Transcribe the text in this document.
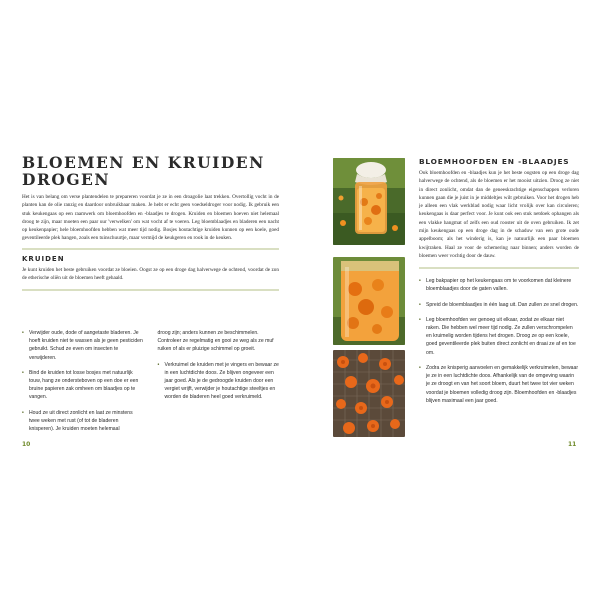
BLOEMEN EN KRUIDEN DROGEN

Het is van belang om verse plantendelen te prepareren voordat je ze in een droagolie laat trekken. Overtollig vocht in de planten kan de olie ranzig en daardoor onbruikbaar maken. Je hebt er echt geen voedseldroger voor nodig. Ik gebruik een stuk keukengaas op een raamwerk om bloemhoofden en -blaadjes te drogen. Kruiden en bloemen hoeven niet helemaal droog te zijn, maar moeten een paar uur 'verwelken' om wat vocht af te voeren. Leg bloemblaadjes en bladeren een nacht op keukenpapier; hele bloemhoofden hebben wat meer tijd nodig. Bosjes houtachtige kruiden kunnen op een koele, goed geventileerde plek hangen, zoals een tuinschuurtje, maar vermijd de keukgeren en rook in de keuken.

KRUIDEN

Je kunt kruiden het beste gebruiken voordat ze bloeien. Oogst ze op een droge dag halverwege de ochtend, voordat de zon de etherische oliën uit de bloemen heeft gehaald.

• Verwijder oude, dode of aangetaste bladeren. Je hoeft kruiden niet te wassen als je geen pesticiden gebruikt. Schud ze even om insecten te verwijderen.
• Bind de kruiden tot losse bosjes met natuurlijk touw, hang ze ondersteboven op een doe er een bruine papieren zak omheen om blaadjes op te vangen.
• Houd ze uit direct zonlicht en laat ze minstens twee weken met rust (of tot de bladeren knisperen). Je kruiden moeten helemaal

droog zijn; anders kunnen ze beschimmelen. Controleer ze regelmatig en gooi ze weg als ze muf ruiken of als er pluizige schimmel op groeit.

• Verkruimel de kruiden met je vingers en bewaar ze in een luchtdichte doos. Ze blijven ongeveer een jaar goed. Als je de gedroogde kruiden door een vergiet wrijft, verwijder je houtachtige steeltjes en worden de bladeren heel goed verkruimeld.
10
BLOEMHOOFDEN EN -BLAADJES

Ook bloemhoofden en -blaadjes kun je het beste oogsten op een droge dag halverwege de ochtend, als de bloemen er het mooist uitzien. Droog ze niet in direct zonlicht, omdat dan de geneeskrachtige eigenschappen verloren kunnen gaan die je juist in je middeltjes wilt gebruiken. Voor het drogen heb je alleen een vlak werkblad nodig waar licht vrolijk over kan circuleren; keukengaas is daar perfect voor. Je kunt ook een stuk netdoek ophangen als een vlakke hangmat of zelfs een oud rooster uit de oven gebruiken. Ik zet mijn keukengaas op een droge dag in de schaduw van een grote oude appelboom; als het winderig is, kan je natuurlijk een paar bloemen kwijtraken. Haal ze voor de schemering naar binnen; anders worden de bloemen weer vochtig door de dauw.

• Leg bakpapier op het keukengaas om te voorkomen dat kleinere bloemblaadjes door de gaten vallen.
• Spreid de bloemblaadjes in één laag uit. Dan zullen ze snel drogen.
• Leg bloemhoofden ver genoeg uit elkaar, zodat ze elkaar niet raken. Die hebben wel meer tijd nodig. Ze zullen verschrompelen en kruimelig worden tijdens het drogen. Droog ze op een koele, goed geventileerde plek buiten direct zonlicht en draai ze af en toe om.
• Zodra ze knisperig aanvoelen en gemakkelijk verkruimelen, bewaar je ze in een luchtdichte doos. Afhankelijk van de omgeving waarin je ze droogt en van het soort bloem, duurt het twee tot vier weken voordat je bloemen volledig droog zijn. Bloemhoofden en -blaadjes blijven maximaal een jaar goed.
11
